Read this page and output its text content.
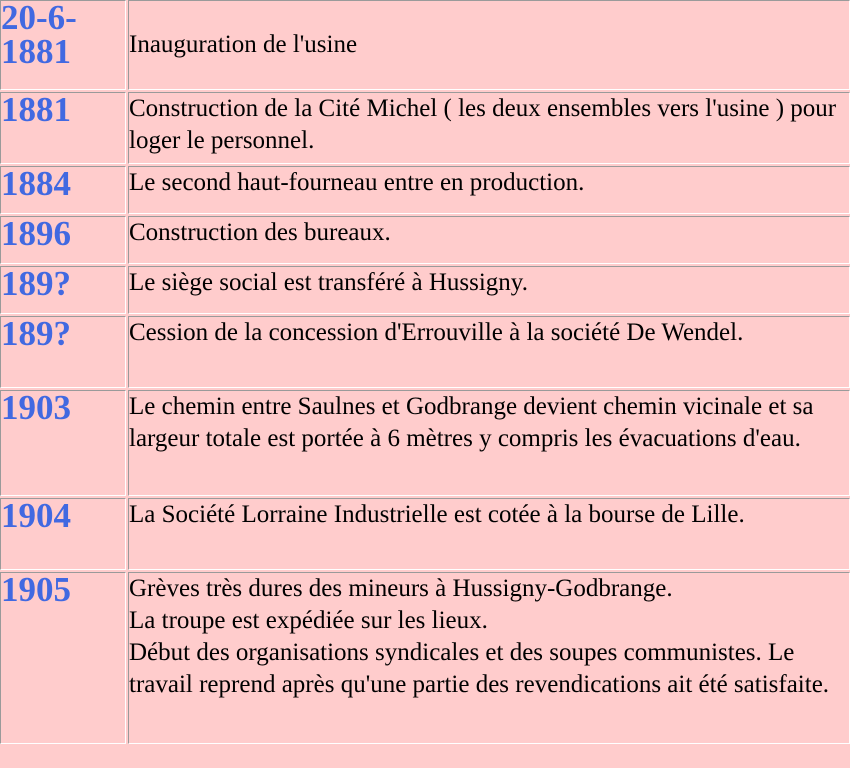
20-6-1881	Inauguration de l'usine

1881	Construction de la Cité Michel ( les deux ensembles vers l'usine ) pour loger le personnel.

1884	Le second haut-fourneau entre en production.

1896	Construction des bureaux.

189?	Le siège social est transféré à Hussigny.

189?	Cession de la concession d'Errouville à la société De Wendel.

1903	Le chemin entre Saulnes et Godbrange devient chemin vicinale et sa largeur totale est portée à 6 mètres y compris les évacuations d'eau.

1904	La Société Lorraine Industrielle est cotée à la bourse de Lille.

1905	Grèves très dures des mineurs à Hussigny-Godbrange.
La troupe est expédiée sur les lieux.
Début des organisations syndicales et des soupes communistes. Le travail reprend après qu'une partie des revendications ait été satisfaite.
